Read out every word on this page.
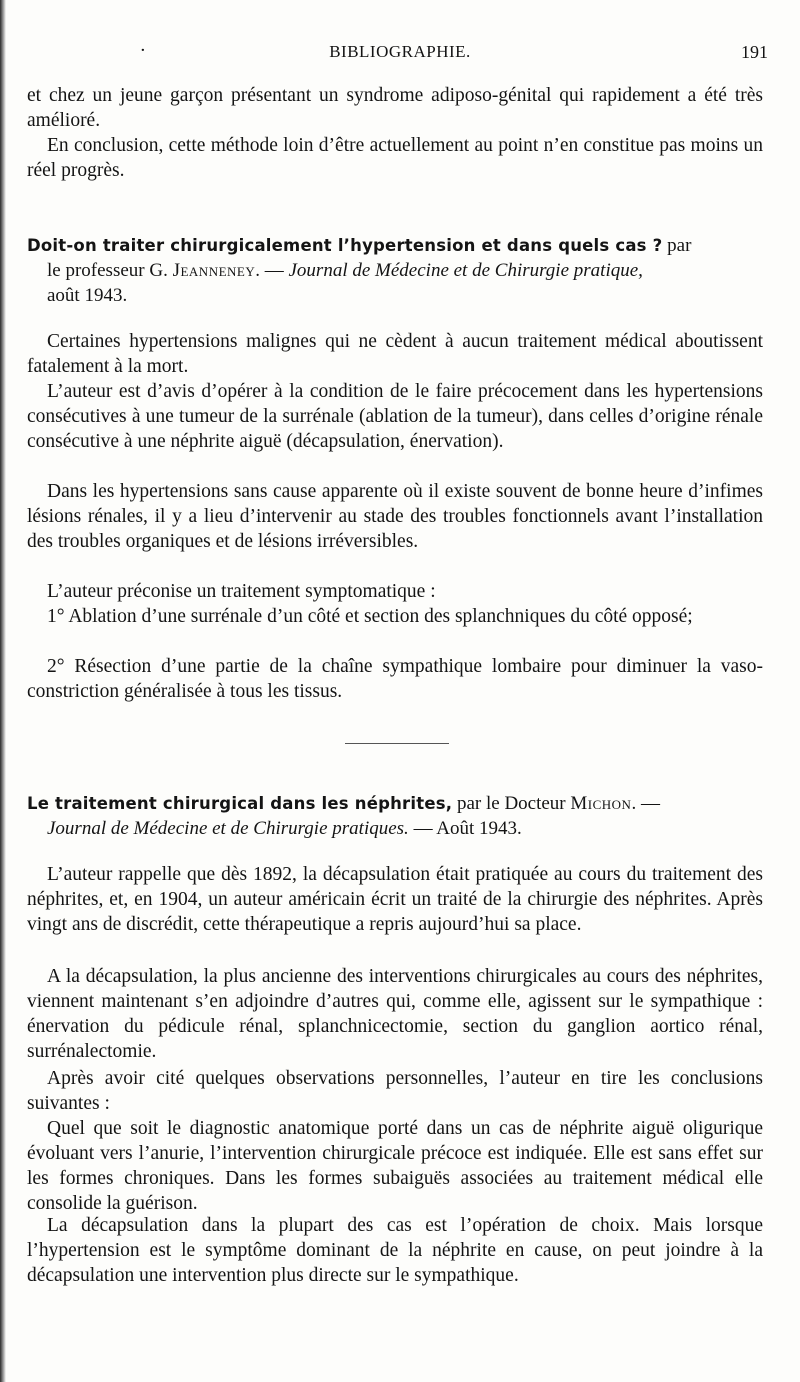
·	BIBLIOGRAPHIE.	191

et chez un jeune garçon présentant un syndrome adiposo-génital qui rapidement a été très amélioré.

En conclusion, cette méthode loin d’être actuellement au point n’en constitue pas moins un réel progrès.

Doit-on traiter chirurgicalement l’hypertension et dans quels cas ? par

le professeur G. Jeanneney. — Journal de Médecine et de Chirurgie pratique,

août 1943.

Certaines hypertensions malignes qui ne cèdent à aucun traitement médical aboutissent fatalement à la mort.

L’auteur est d’avis d’opérer à la condition de le faire précocement dans les hypertensions consécutives à une tumeur de la surrénale (ablation de la tumeur), dans celles d’origine rénale consécutive à une néphrite aiguë (décapsulation, énervation).

Dans les hypertensions sans cause apparente où il existe souvent de bonne heure d’infimes lésions rénales, il y a lieu d’intervenir au stade des troubles fonctionnels avant l’installation des troubles organiques et de lésions irréversibles.

L’auteur préconise un traitement symptomatique :

1° Ablation d’une surrénale d’un côté et section des splanchniques du côté opposé;

2° Résection d’une partie de la chaîne sympathique lombaire pour diminuer la vaso-constriction généralisée à tous les tissus.

Le traitement chirurgical dans les néphrites, par le Docteur Michon. —

Journal de Médecine et de Chirurgie pratiques. — Août 1943.

L’auteur rappelle que dès 1892, la décapsulation était pratiquée au cours du traitement des néphrites, et, en 1904, un auteur américain écrit un traité de la chirurgie des néphrites. Après vingt ans de discrédit, cette thérapeutique a repris aujourd’hui sa place.

A la décapsulation, la plus ancienne des interventions chirurgicales au cours des néphrites, viennent maintenant s’en adjoindre d’autres qui, comme elle, agissent sur le sympathique : énervation du pédicule rénal, splanchnicectomie, section du ganglion aortico rénal, surrénalectomie.

Après avoir cité quelques observations personnelles, l’auteur en tire les conclusions suivantes :

Quel que soit le diagnostic anatomique porté dans un cas de néphrite aiguë oligurique évoluant vers l’anurie, l’intervention chirurgicale précoce est indiquée. Elle est sans effet sur les formes chroniques. Dans les formes subaiguës associées au traitement médical elle consolide la guérison.

La décapsulation dans la plupart des cas est l’opération de choix. Mais lorsque l’hypertension est le symptôme dominant de la néphrite en cause, on peut joindre à la décapsulation une intervention plus directe sur le sympathique.
